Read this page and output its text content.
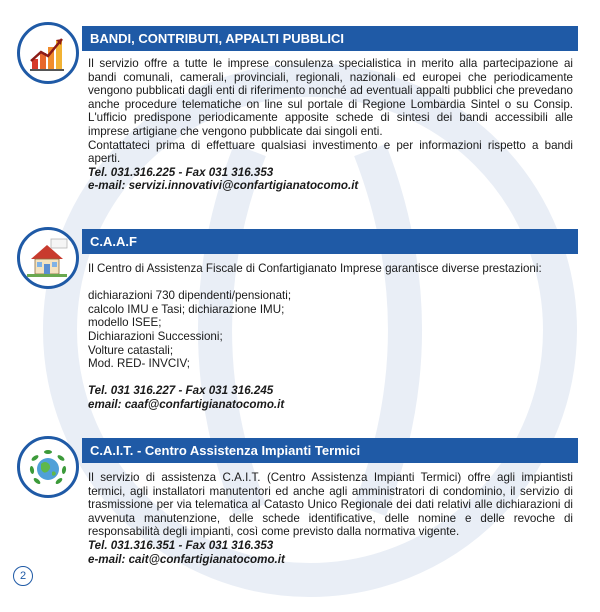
BANDI, CONTRIBUTI, APPALTI PUBBLICI

Il servizio offre a tutte le imprese consulenza specialistica in merito alla partecipazione ai bandi comunali, camerali, provinciali, regionali, nazionali ed europei che periodicamente vengono pubblicati dagli enti di riferimento nonché ad eventuali appalti pubblici che prevedano anche procedure telematiche on line sul portale di Regione Lombardia Sintel o su Consip. L'ufficio predispone periodicamente apposite schede di sintesi dei bandi accessibili alle imprese artigiane che vengono pubblicate dai singoli enti.

Contattateci prima di effettuare qualsiasi investimento e per informazioni rispetto a bandi aperti.

Tel. 031.316.225 - Fax 031 316.353

e-mail: servizi.innovativi@confartigianatocomo.it

C.A.A.F

Il Centro di Assistenza Fiscale di Confartigianato Imprese garantisce diverse prestazioni:

dichiarazioni 730 dipendenti/pensionati;

calcolo IMU e Tasi; dichiarazione IMU;

modello ISEE;

Dichiarazioni Successioni;

Volture catastali;

Mod. RED- INVCIV;

Tel. 031 316.227 - Fax 031 316.245

email: caaf@confartigianatocomo.it

C.A.I.T. - Centro Assistenza Impianti Termici

Il servizio di assistenza C.A.I.T. (Centro Assistenza Impianti Termici) offre agli impiantisti termici, agli installatori manutentori ed anche agli amministratori di condominio, il servizio di trasmissione per via telematica al Catasto Unico Regionale dei dati relativi alle dichiarazioni di avvenuta manutenzione, delle schede identificative, delle nomine e delle revoche di responsabilità degli impianti, così come previsto dalla normativa vigente.

Tel. 031.316.351 - Fax 031 316.353

e-mail: cait@confartigianatocomo.it

2
